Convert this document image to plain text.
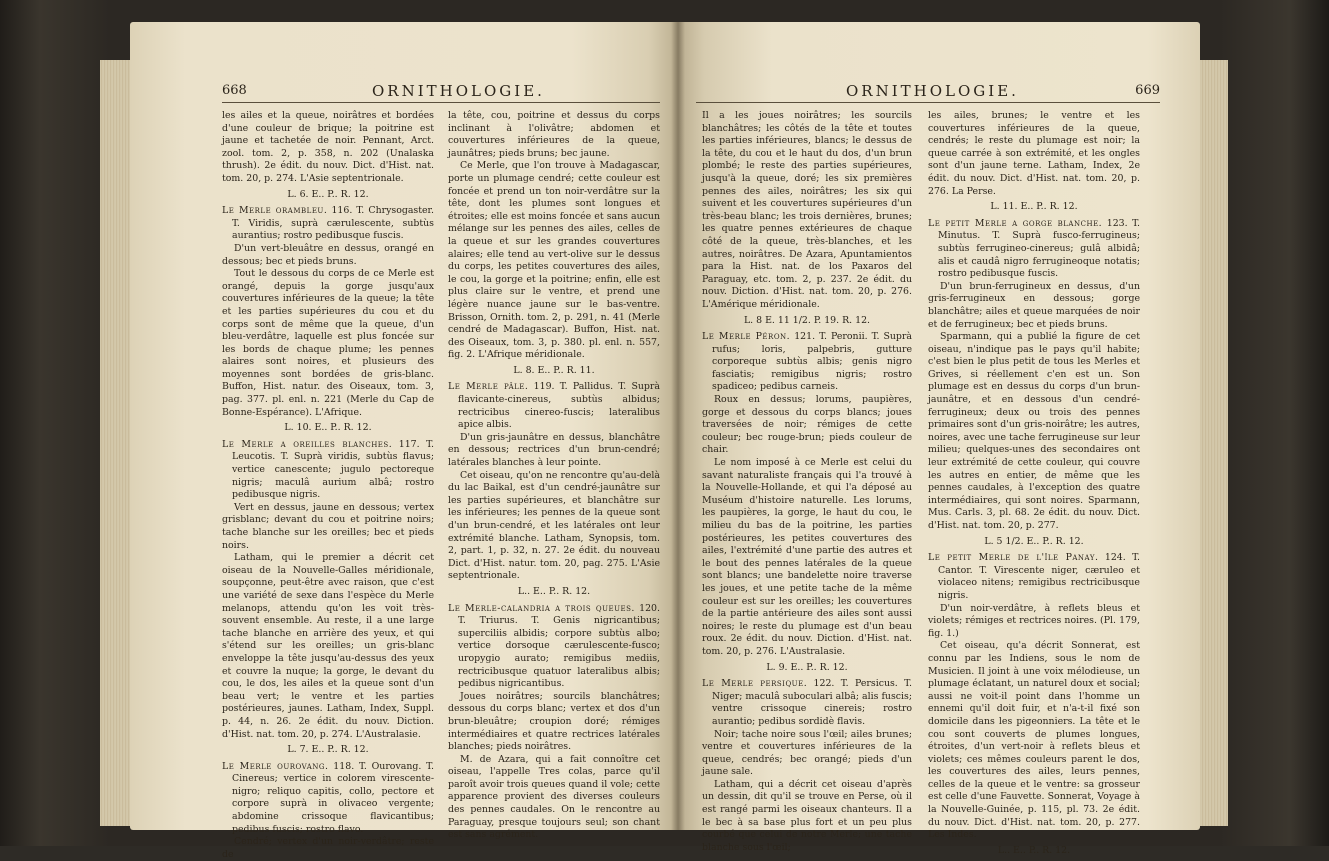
668	ORNITHOLOGIE.

les ailes et la queue, noirâtres et bordées d'une couleur de brique; la poitrine est jaune et tachetée de noir. Pennant, Arct. zool. tom. 2, p. 358, n. 202 (Unalaska thrush). 2e édit. du nouv. Dict. d'Hist. nat. tom. 20, p. 274. L'Asie septentrionale.

L. 6. E.. P.. R. 12.

Le Merle orambleu. 116. T. Chrysogaster. T. Viridis, suprà cærulescente, subtùs aurantius; rostro pedibusque fuscis.

D'un vert-bleuâtre en dessus, orangé en dessous; bec et pieds bruns.

Tout le dessous du corps de ce Merle est orangé, depuis la gorge jusqu'aux couvertures inférieures de la queue; la tête et les parties supérieures du cou et du corps sont de même que la queue, d'un bleu-verdâtre, laquelle est plus foncée sur les bords de chaque plume; les pennes alaires sont noires, et plusieurs des moyennes sont bordées de gris-blanc. Buffon, Hist. natur. des Oiseaux, tom. 3, pag. 377. pl. enl. n. 221 (Merle du Cap de Bonne-Espérance). L'Afrique.

L. 10. E.. P.. R. 12.

Le Merle a oreilles blanches. 117. T. Leucotis. T. Suprà viridis, subtùs flavus; vertice canescente; jugulo pectoreque nigris; maculâ aurium albâ; rostro pedibusque nigris.

Vert en dessus, jaune en dessous; vertex grisblanc; devant du cou et poitrine noirs; tache blanche sur les oreilles; bec et pieds noirs.

Latham, qui le premier a décrit cet oiseau de la Nouvelle-Galles méridionale, soupçonne, peut-être avec raison, que c'est une variété de sexe dans l'espèce du Merle melanops, attendu qu'on les voit très-souvent ensemble. Au reste, il a une large tache blanche en arrière des yeux, et qui s'étend sur les oreilles; un gris-blanc enveloppe la tête jusqu'au-dessus des yeux et couvre la nuque; la gorge, le devant du cou, le dos, les ailes et la queue sont d'un beau vert; le ventre et les parties postérieures, jaunes. Latham, Index, Suppl. p. 44, n. 26. 2e édit. du nouv. Diction. d'Hist. nat. tom. 20, p. 274. L'Australasie.

L. 7. E.. P.. R. 12.

Le Merle ourovang. 118. T. Ourovang. T. Cinereus; vertice in colorem virescente-nigro; reliquo capitis, collo, pectore et corpore suprà in olivaceo vergente; abdomine crissoque flavicantibus; pedibus fuscis; rostro flavo.

Cendré; vertex d'un noir-verdâtre; reste de

la tête, cou, poitrine et dessus du corps inclinant à l'olivâtre; abdomen et couvertures inférieures de la queue, jaunâtres; pieds bruns; bec jaune.

Ce Merle, que l'on trouve à Madagascar, porte un plumage cendré; cette couleur est foncée et prend un ton noir-verdâtre sur la tête, dont les plumes sont longues et étroites; elle est moins foncée et sans aucun mélange sur les pennes des ailes, celles de la queue et sur les grandes couvertures alaires; elle tend au vert-olive sur le dessus du corps, les petites couvertures des ailes, le cou, la gorge et la poitrine; enfin, elle est plus claire sur le ventre, et prend une légère nuance jaune sur le bas-ventre. Brisson, Ornith. tom. 2, p. 291, n. 41 (Merle cendré de Madagascar). Buffon, Hist. nat. des Oiseaux, tom. 3, p. 380. pl. enl. n. 557, fig. 2. L'Afrique méridionale.

L. 8. E.. P.. R. 11.

Le Merle pâle. 119. T. Pallidus. T. Suprà flavicante-cinereus, subtùs albidus; rectricibus cinereo-fuscis; lateralibus apice albis.

D'un gris-jaunâtre en dessus, blanchâtre en dessous; rectrices d'un brun-cendré; latérales blanches à leur pointe.

Cet oiseau, qu'on ne rencontre qu'au-delà du lac Baikal, est d'un cendré-jaunâtre sur les parties supérieures, et blanchâtre sur les inférieures; les pennes de la queue sont d'un brun-cendré, et les latérales ont leur extrémité blanche. Latham, Synopsis, tom. 2, part. 1, p. 32, n. 27. 2e édit. du nouveau Dict. d'Hist. natur. tom. 20, pag. 275. L'Asie septentrionale.

L.. E.. P.. R. 12.

Le Merle-calandria a trois queues. 120. T. Triurus. T. Genis nigricantibus; superciliis albidis; corpore subtùs albo; vertice dorsoque cærulescente-fusco; uropygio aurato; remigibus mediis, rectricibusque quatuor lateralibus albis; pedibus nigricantibus.

Joues noirâtres; sourcils blanchâtres; dessous du corps blanc; vertex et dos d'un brun-bleuâtre; croupion doré; rémiges intermédiaires et quatre rectrices latérales blanches; pieds noirâtres.

M. de Azara, qui a fait connoître cet oiseau, l'appelle Tres colas, parce qu'il paroît avoir trois queues quand il vole; cette apparence provient des diverses couleurs des pennes caudales. On le rencontre au Paraguay, presque toujours seul; son chant est sans agrément.

ORNITHOLOGIE.	669

Il a les joues noirâtres; les sourcils blanchâtres; les côtés de la tête et toutes les parties inférieures, blancs; le dessus de la tête, du cou et le haut du dos, d'un brun plombé; le reste des parties supérieures, jusqu'à la queue, doré; les six premières pennes des ailes, noirâtres; les six qui suivent et les couvertures supérieures d'un très-beau blanc; les trois dernières, brunes; les quatre pennes extérieures de chaque côté de la queue, très-blanches, et les autres, noirâtres. De Azara, Apuntamientos para la Hist. nat. de los Paxaros del Paraguay, etc. tom. 2, p. 237. 2e édit. du nouv. Diction. d'Hist. nat. tom. 20, p. 276. L'Amérique méridionale.

L. 8 E. 11 1/2. P. 19. R. 12.

Le Merle Péron. 121. T. Peronii. T. Suprà rufus; loris, palpebris, gutture corporeque subtùs albis; genis nigro fasciatis; remigibus nigris; rostro spadiceo; pedibus carneis.

Roux en dessus; lorums, paupières, gorge et dessous du corps blancs; joues traversées de noir; rémiges de cette couleur; bec rouge-brun; pieds couleur de chair.

Le nom imposé à ce Merle est celui du savant naturaliste français qui l'a trouvé à la Nouvelle-Hollande, et qui l'a déposé au Muséum d'histoire naturelle. Les lorums, les paupières, la gorge, le haut du cou, le milieu du bas de la poitrine, les parties postérieures, les petites couvertures des ailes, l'extrémité d'une partie des autres et le bout des pennes latérales de la queue sont blancs; une bandelette noire traverse les joues, et une petite tache de la même couleur est sur les oreilles; les couvertures de la partie antérieure des ailes sont aussi noires; le reste du plumage est d'un beau roux. 2e édit. du nouv. Diction. d'Hist. nat. tom. 20, p. 276. L'Australasie.

L. 9. E.. P.. R. 12.

Le Merle persique. 122. T. Persicus. T. Niger; maculâ suboculari albâ; alis fuscis; ventre crissoque cinereis; rostro aurantio; pedibus sordidè flavis.

Noir; tache noire sous l'œil; ailes brunes; ventre et couvertures inférieures de la queue, cendrés; bec orangé; pieds d'un jaune sale.

Latham, qui a décrit cet oiseau d'après un dessin, dit qu'il se trouve en Perse, où il est rangé parmi les oiseaux chanteurs. Il a le bec à sa base plus fort et un peu plus courbé que celui de notre Merle; une tache blanche sous l'œil;

les ailes, brunes; le ventre et les couvertures inférieures de la queue, cendrés; le reste du plumage est noir; la queue carrée à son extrémité, et les ongles sont d'un jaune terne. Latham, Index, 2e édit. du nouv. Dict. d'Hist. nat. tom. 20, p. 276. La Perse.

L. 11. E.. P.. R. 12.

Le petit Merle a gorge blanche. 123. T. Minutus. T. Suprà fusco-ferrugineus; subtùs ferrugineo-cinereus; gulâ albidâ; alis et caudâ nigro ferrugineoque notatis; rostro pedibusque fuscis.

D'un brun-ferrugineux en dessus, d'un gris-ferrugineux en dessous; gorge blanchâtre; ailes et queue marquées de noir et de ferrugineux; bec et pieds bruns.

Sparmann, qui a publié la figure de cet oiseau, n'indique pas le pays qu'il habite; c'est bien le plus petit de tous les Merles et Grives, si réellement c'en est un. Son plumage est en dessus du corps d'un brun-jaunâtre, et en dessous d'un cendré-ferrugineux; deux ou trois des pennes primaires sont d'un gris-noirâtre; les autres, noires, avec une tache ferrugineuse sur leur milieu; quelques-unes des secondaires ont leur extrémité de cette couleur, qui couvre les autres en entier, de même que les pennes caudales, à l'exception des quatre intermédiaires, qui sont noires. Sparmann, Mus. Carls. 3, pl. 68. 2e édit. du nouv. Dict. d'Hist. nat. tom. 20, p. 277.

L. 5 1/2. E.. P.. R. 12.

Le petit Merle de l'île Panay. 124. T. Cantor. T. Virescente niger, cæruleo et violaceo nitens; remigibus rectricibusque nigris.

D'un noir-verdâtre, à reflets bleus et violets; rémiges et rectrices noires. (Pl. 179, fig. 1.)

Cet oiseau, qu'a décrit Sonnerat, est connu par les Indiens, sous le nom de Musicien. Il joint à une voix mélodieuse, un plumage éclatant, un naturel doux et social; aussi ne voit-il point dans l'homme un ennemi qu'il doit fuir, et n'a-t-il fixé son domicile dans les pigeonniers. La tête et le cou sont couverts de plumes longues, étroites, d'un vert-noir à reflets bleus et violets; ces mêmes couleurs parent le dos, les couvertures des ailes, leurs pennes, celles de la queue et le ventre: sa grosseur est celle d'une Fauvette. Sonnerat, Voyage à la Nouvelle-Guinée, p. 115, pl. 73. 2e édit. du nouv. Dict. d'Hist. nat. tom. 20, p. 277. Les Indes.

L.. E.. P.. R. 12.
